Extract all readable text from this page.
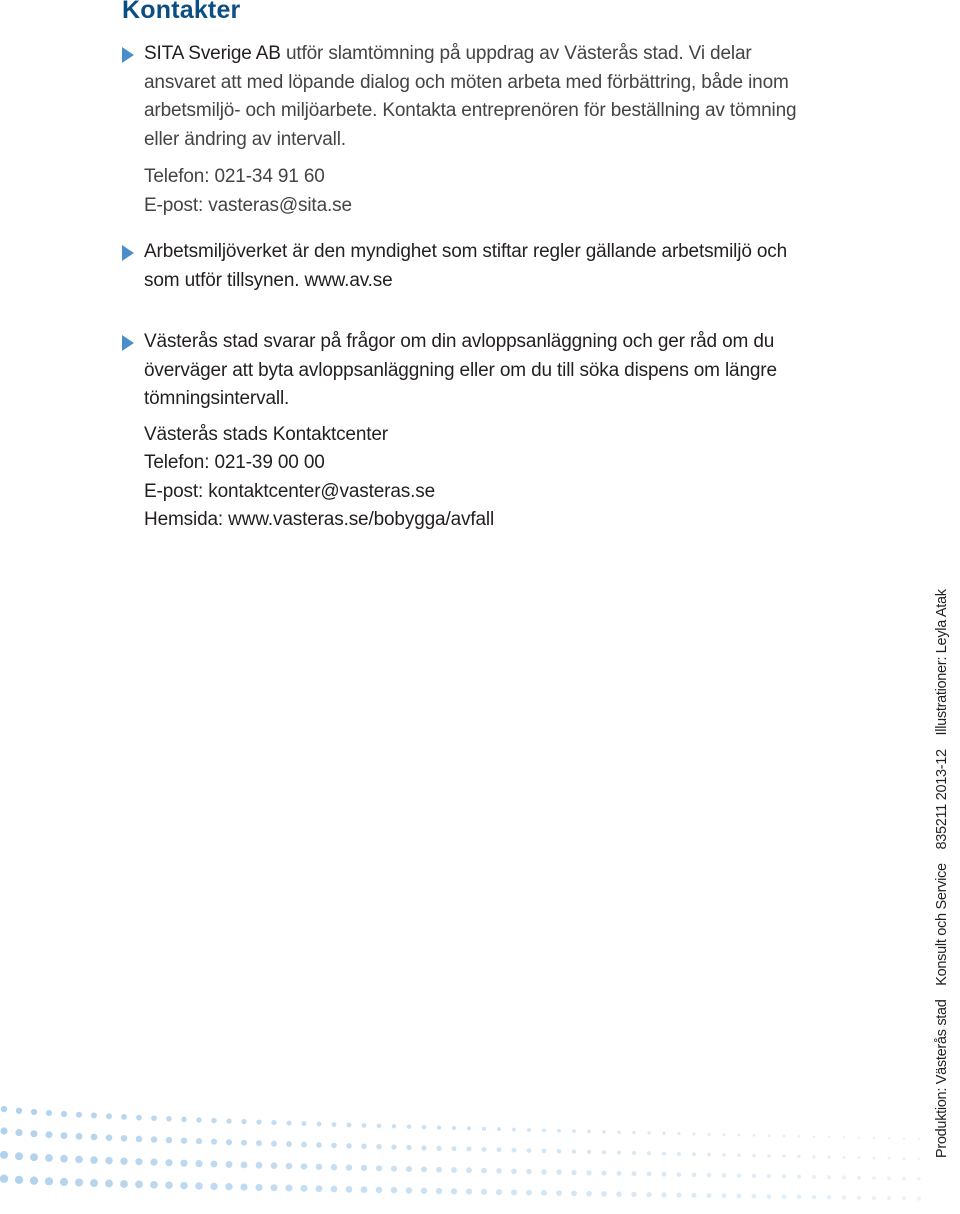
Kontakter

SITA Sverige AB utför slamtömning på uppdrag av Västerås stad. Vi delar ansvaret att med löpande dialog och möten arbeta med förbättring, både inom arbetsmiljö- och miljöarbete. Kontakta entreprenören för beställning av tömning eller ändring av intervall.

Telefon: 021-34 91 60

E-post: vasteras@sita.se

Arbetsmiljöverket är den myndighet som stiftar regler gällande arbetsmiljö och som utför tillsynen. www.av.se

Västerås stad svarar på frågor om din avloppsanläggning och ger råd om du överväger att byta avloppsanläggning eller om du till söka dispens om längre tömningsintervall.

Västerås stads Kontaktcenter

Telefon: 021-39 00 00

E-post: kontaktcenter@vasteras.se

Hemsida: www.vasteras.se/bobygga/avfall

Produktion: Västerås stad Konsult och Service 835211 2013-12 Illustrationer: Leyla Atak
